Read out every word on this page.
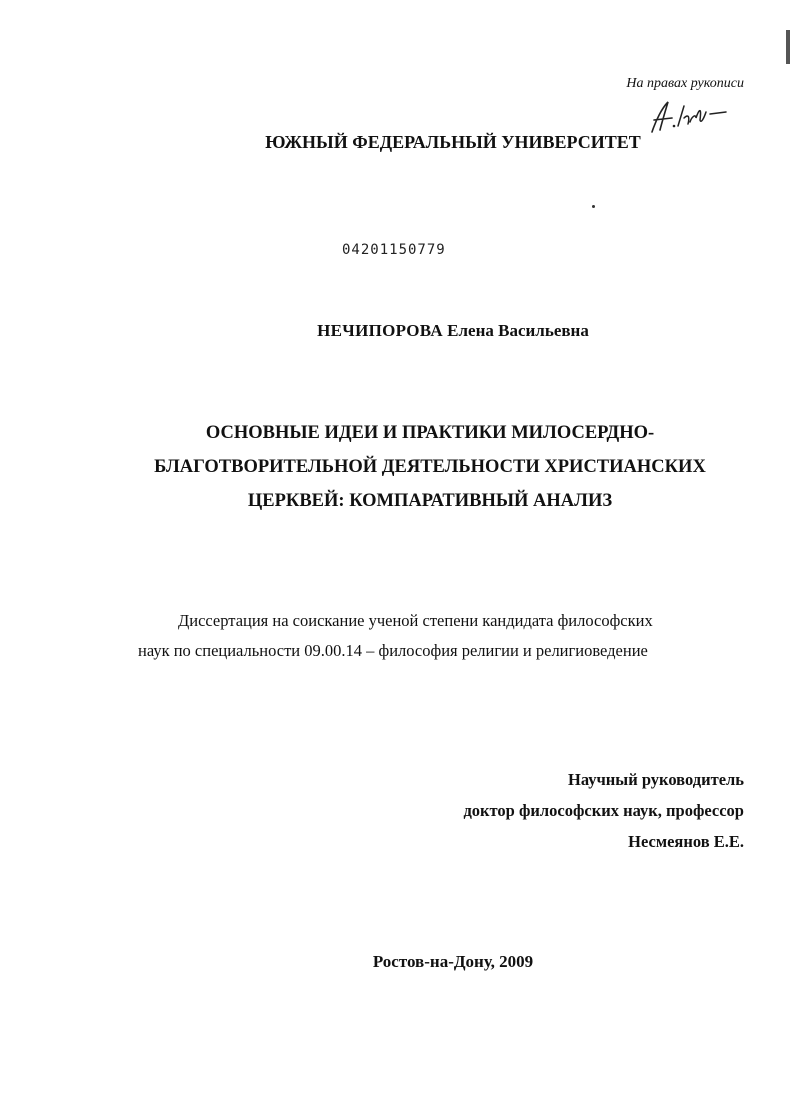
На правах рукописи
ЮЖНЫЙ ФЕДЕРАЛЬНЫЙ УНИВЕРСИТЕТ
04201150779
НЕЧИПОРОВА Елена Васильевна
ОСНОВНЫЕ ИДЕИ И ПРАКТИКИ МИЛОСЕРДНО-
БЛАГОТВОРИТЕЛЬНОЙ ДЕЯТЕЛЬНОСТИ ХРИСТИАНСКИХ
ЦЕРКВЕЙ: КОМПАРАТИВНЫЙ АНАЛИЗ
Диссертация на соискание ученой степени кандидата философских
наук по специальности 09.00.14 – философия религии и религиоведение
Научный руководитель
доктор философских наук, профессор
Несмеянов Е.Е.
Ростов-на-Дону, 2009
